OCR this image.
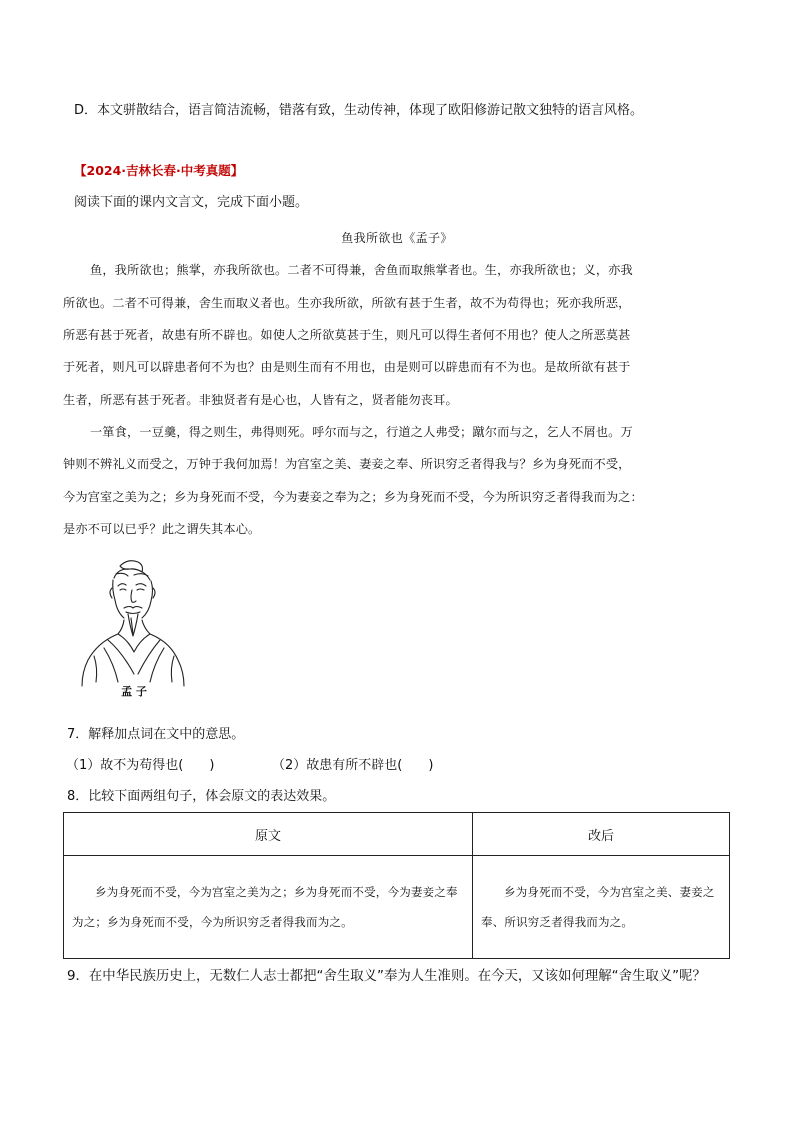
D．本文骈散结合，语言简洁流畅，错落有致，生动传神，体现了欧阳修游记散文独特的语言风格。
【2024·吉林长春·中考真题】
阅读下面的课内文言文，完成下面小题。
鱼我所欲也《孟子》
鱼，我所欲也；熊掌，亦我所欲也。二者不可得兼，舍鱼而取熊掌者也。生，亦我所欲也；义，亦我
所欲也。二者不可得兼，舍生而取义者也。生亦我所欲，所欲有甚于生者，故不为苟得也；死亦我所恶，
所恶有甚于死者，故患有所不辟也。如使人之所欲莫甚于生，则凡可以得生者何不用也？使人之所恶莫甚
于死者，则凡可以辟患者何不为也？由是则生而有不用也，由是则可以辟患而有不为也。是故所欲有甚于
生者，所恶有甚于死者。非独贤者有是心也，人皆有之，贤者能勿丧耳。
一箪食，一豆羹，得之则生，弗得则死。呼尔而与之，行道之人弗受；蹴尔而与之，乞人不屑也。万
钟则不辨礼义而受之，万钟于我何加焉！为宫室之美、妻妾之奉、所识穷乏者得我与？乡为身死而不受，
今为宫室之美为之；乡为身死而不受，今为妻妾之奉为之；乡为身死而不受，今为所识穷乏者得我而为之：
是亦不可以已乎？此之谓失其本心。
孟 子
7．解释加点词在文中的意思。
（1）故不为苟得也(　　)	（2）故患有所不辟也(　　)
8．比较下面两组句子，体会原文的表达效果。
原文	改后

乡为身死而不受，今为宫室之美为之；乡为身死而不受，今为妻妾之奉为之；乡为身死而不受，今为所识穷乏者得我而为之。	乡为身死而不受，今为宫室之美、妻妾之奉、所识穷乏者得我而为之。
9．在中华民族历史上，无数仁人志士都把“舍生取义”奉为人生准则。在今天，又该如何理解“舍生取义”呢？
